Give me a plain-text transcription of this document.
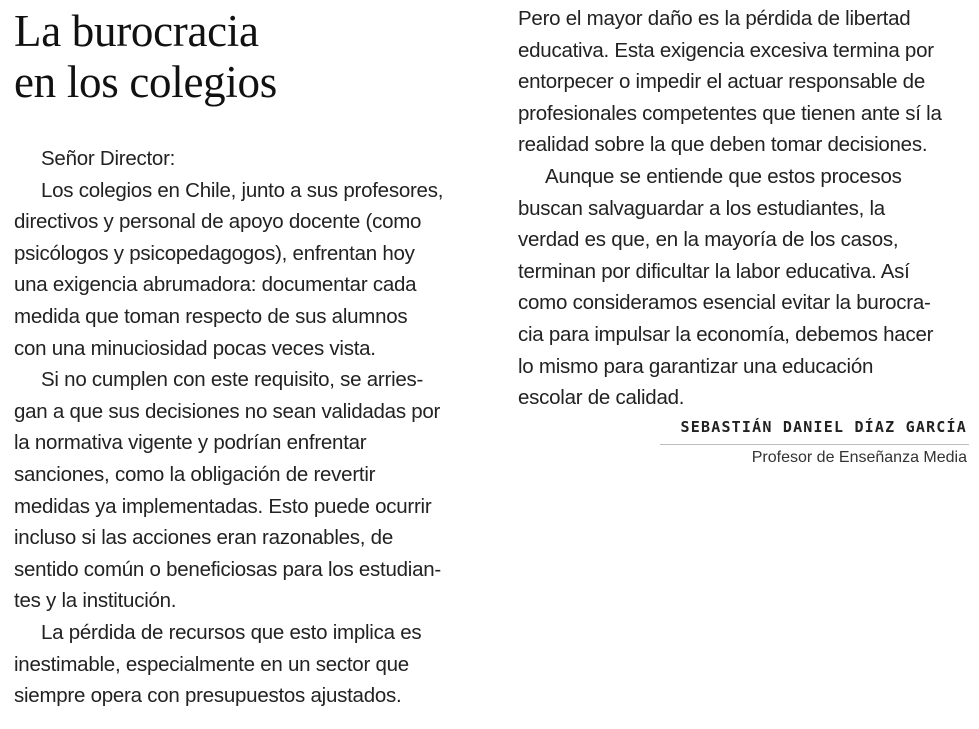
La burocracia
en los colegios
Señor Director:
Los colegios en Chile, junto a sus profesores,
directivos y personal de apoyo docente (como
psicólogos y psicopedagogos), enfrentan hoy
una exigencia abrumadora: documentar cada
medida que toman respecto de sus alumnos
con una minuciosidad pocas veces vista.
Si no cumplen con este requisito, se arries-
gan a que sus decisiones no sean validadas por
la normativa vigente y podrían enfrentar
sanciones, como la obligación de revertir
medidas ya implementadas. Esto puede ocurrir
incluso si las acciones eran razonables, de
sentido común o beneficiosas para los estudian-
tes y la institución.
La pérdida de recursos que esto implica es
inestimable, especialmente en un sector que
siempre opera con presupuestos ajustados.
Pero el mayor daño es la pérdida de libertad
educativa. Esta exigencia excesiva termina por
entorpecer o impedir el actuar responsable de
profesionales competentes que tienen ante sí la
realidad sobre la que deben tomar decisiones.
Aunque se entiende que estos procesos
buscan salvaguardar a los estudiantes, la
verdad es que, en la mayoría de los casos,
terminan por dificultar la labor educativa. Así
como consideramos esencial evitar la burocra-
cia para impulsar la economía, debemos hacer
lo mismo para garantizar una educación
escolar de calidad.
SEBASTIÁN DANIEL DÍAZ GARCÍA
Profesor de Enseñanza Media
